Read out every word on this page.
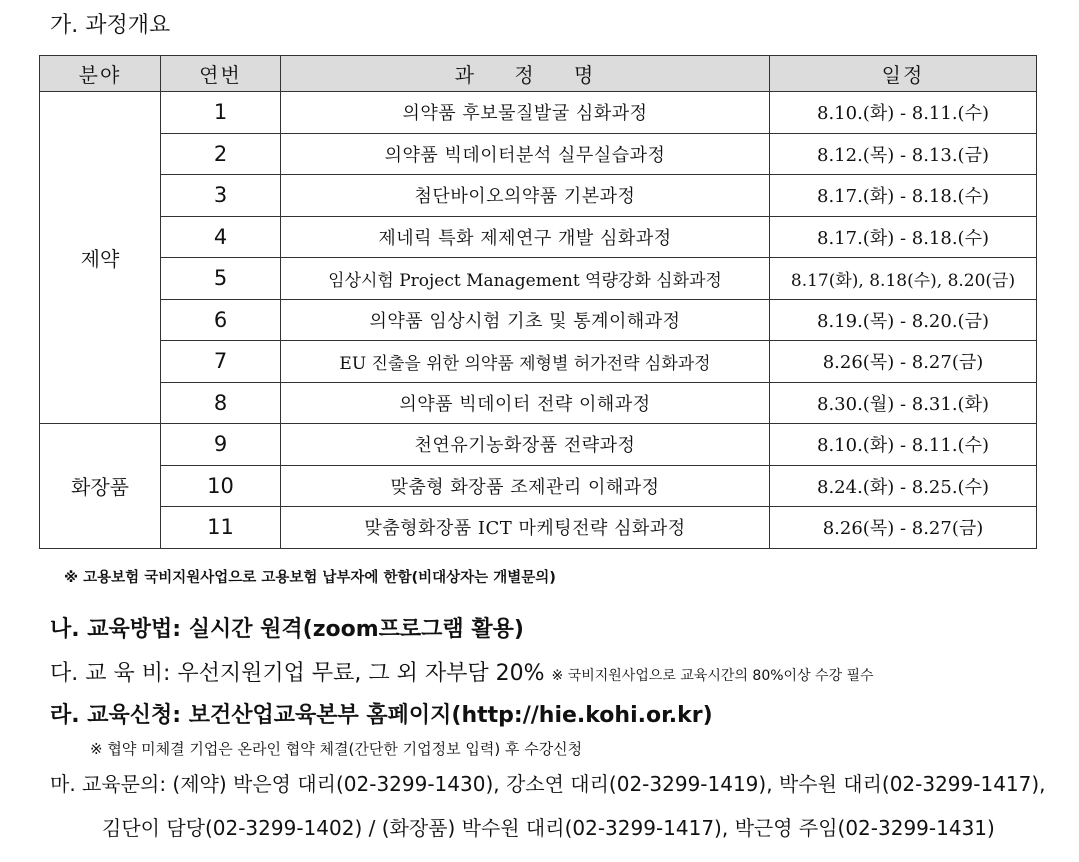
가. 과정개요
분야	연번	과 정 명	일정
제약	1	의약품 후보물질발굴 심화과정	8.10.(화) - 8.11.(수)
	2	의약품 빅데이터분석 실무실습과정	8.12.(목) - 8.13.(금)
	3	첨단바이오의약품 기본과정	8.17.(화) - 8.18.(수)
	4	제네릭 특화 제제연구 개발 심화과정	8.17.(화) - 8.18.(수)
	5	임상시험 Project Management 역량강화 심화과정	8.17(화), 8.18(수), 8.20(금)
	6	의약품 임상시험 기초 및 통계이해과정	8.19.(목) - 8.20.(금)
	7	EU 진출을 위한 의약품 제형별 허가전략 심화과정	8.26(목) - 8.27(금)
	8	의약품 빅데이터 전략 이해과정	8.30.(월) - 8.31.(화)
화장품	9	천연유기농화장품 전략과정	8.10.(화) - 8.11.(수)
	10	맞춤형 화장품 조제관리 이해과정	8.24.(화) - 8.25.(수)
	11	맞춤형화장품 ICT 마케팅전략 심화과정	8.26(목) - 8.27(금)
※ 고용보험 국비지원사업으로 고용보험 납부자에 한함(비대상자는 개별문의)
나. 교육방법: 실시간 원격(zoom프로그램 활용)
다. 교 육 비: 우선지원기업 무료, 그 외 자부담 20% ※ 국비지원사업으로 교육시간의 80%이상 수강 필수
라. 교육신청: 보건산업교육본부 홈페이지(http://hie.kohi.or.kr)
※ 협약 미체결 기업은 온라인 협약 체결(간단한 기업정보 입력) 후 수강신청
마. 교육문의: (제약) 박은영 대리(02-3299-1430), 강소연 대리(02-3299-1419), 박수원 대리(02-3299-1417),
김단이 담당(02-3299-1402) / (화장품) 박수원 대리(02-3299-1417), 박근영 주임(02-3299-1431)
